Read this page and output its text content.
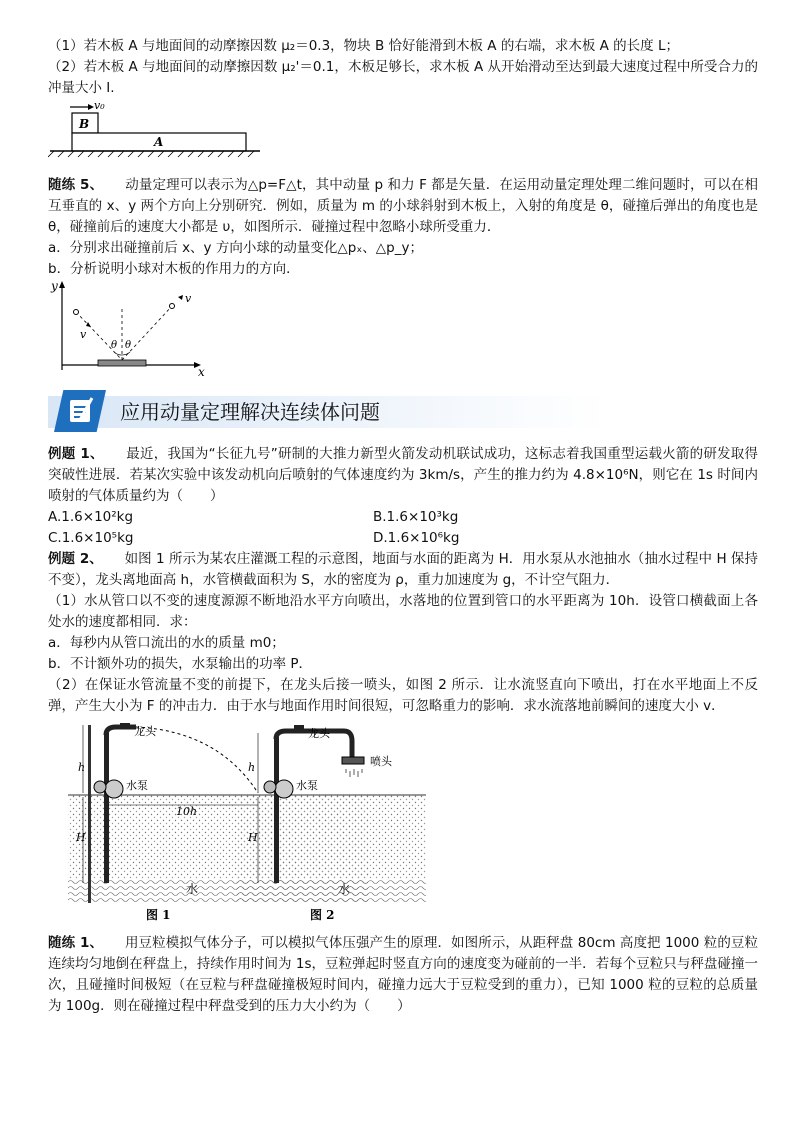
（1）若木板 A 与地面间的动摩擦因数 μ₂＝0.3，物块 B 恰好能滑到木板 A 的右端，求木板 A 的长度 L；

（2）若木板 A 与地面间的动摩擦因数 μ₂'＝0.1，木板足够长，求木板 A 从开始滑动至达到最大速度过程中所受合力的冲量大小 I.

v₀
B
A

随练 5、 动量定理可以表示为△p=F△t，其中动量 p 和力 F 都是矢量．在运用动量定理处理二维问题时，可以在相互垂直的 x、y 两个方向上分别研究．例如，质量为 m 的小球斜射到木板上，入射的角度是 θ，碰撞后弹出的角度也是 θ，碰撞前后的速度大小都是 υ，如图所示．碰撞过程中忽略小球所受重力．

a．分别求出碰撞前后 x、y 方向小球的动量变化△pₓ、△p_y；

b．分析说明小球对木板的作用力的方向．

y
x
v
v
θ θ
应用动量定理解决连续体问题

例题 1、 最近，我国为“长征九号”研制的大推力新型火箭发动机联试成功，这标志着我国重型运载火箭的研发取得突破性进展．若某次实验中该发动机向后喷射的气体速度约为 3km/s，产生的推力约为 4.8×10⁶N，则它在 1s 时间内喷射的气体质量约为（　　）

A.1.6×10²kg	B.1.6×10³kg
C.1.6×10⁵kg	D.1.6×10⁶kg

例题 2、 如图 1 所示为某农庄灌溉工程的示意图，地面与水面的距离为 H．用水泵从水池抽水（抽水过程中 H 保持不变），龙头离地面高 h，水管横截面积为 S，水的密度为 ρ，重力加速度为 g，不计空气阻力．

（1）水从管口以不变的速度源源不断地沿水平方向喷出，水落地的位置到管口的水平距离为 10h．设管口横截面上各处水的速度都相同．求：

a．每秒内从管口流出的水的质量 m0；

b．不计额外功的损失，水泵输出的功率 P．

（2）在保证水管流量不变的前提下，在龙头后接一喷头，如图 2 所示．让水流竖直向下喷出，打在水平地面上不反弹，产生大小为 F 的冲击力．由于水与地面作用时间很短，可忽略重力的影响．求水流落地前瞬间的速度大小 v．

h
H
龙头
水泵
10h
水
图 1
h
H
龙头
喷头
水泵
水
图 2

随练 1、 用豆粒模拟气体分子，可以模拟气体压强产生的原理．如图所示，从距秤盘 80cm 高度把 1000 粒的豆粒连续均匀地倒在秤盘上，持续作用时间为 1s，豆粒弹起时竖直方向的速度变为碰前的一半．若每个豆粒只与秤盘碰撞一次，且碰撞时间极短（在豆粒与秤盘碰撞极短时间内，碰撞力远大于豆粒受到的重力），已知 1000 粒的豆粒的总质量为 100g．则在碰撞过程中秤盘受到的压力大小约为（　　）
